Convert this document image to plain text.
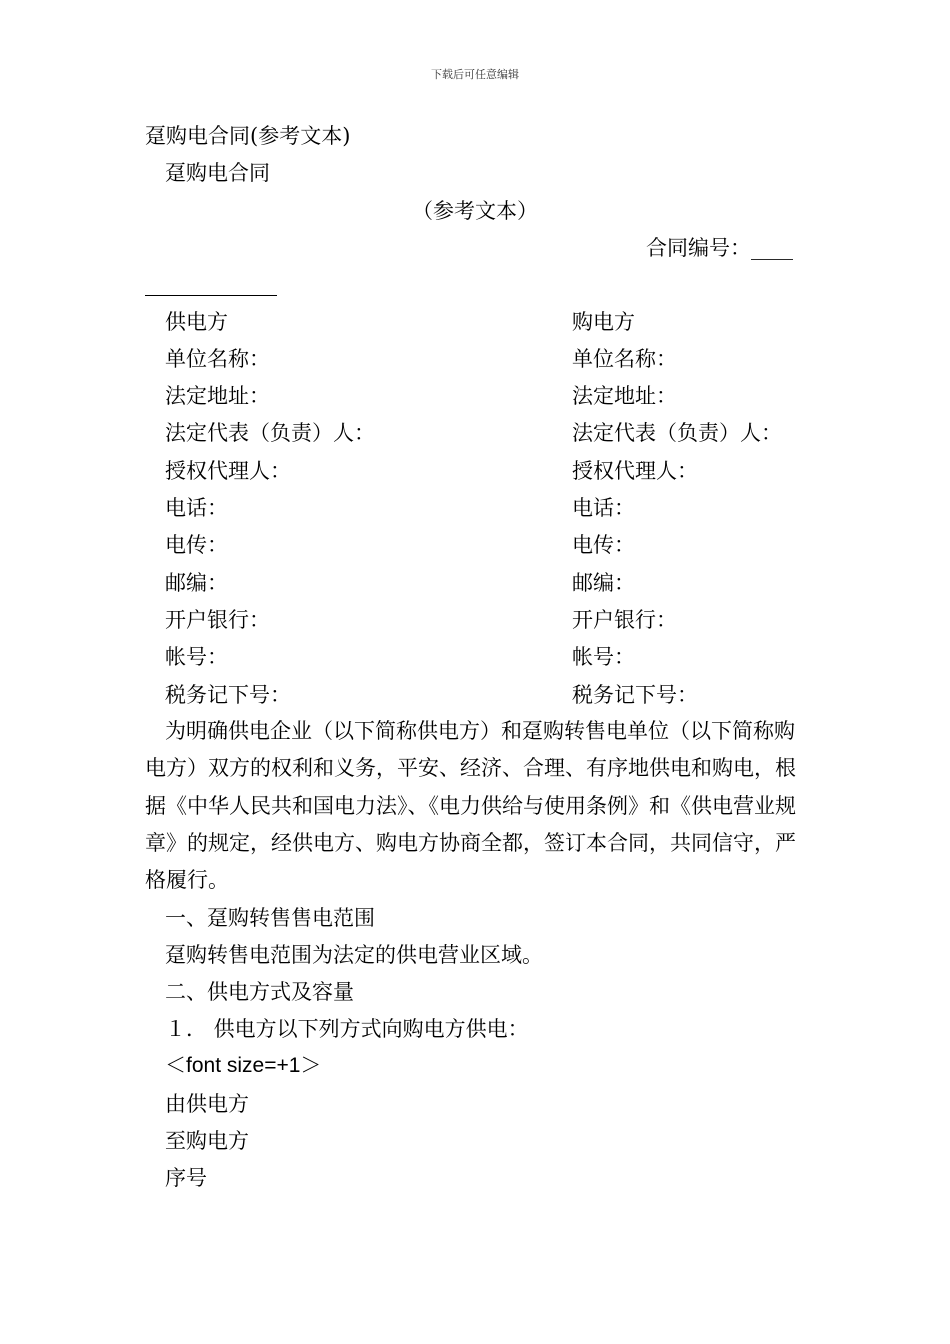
下载后可任意编辑
趸购电合同(参考文本)
趸购电合同
（参考文本）
合同编号：____
供电方
单位名称：
法定地址：
法定代表（负责）人：
授权代理人：
电话：
电传：
邮编：
开户银行：
帐号：
税务记下号：
购电方
单位名称：
法定地址：
法定代表（负责）人：
授权代理人：
电话：
电传：
邮编：
开户银行：
帐号：
税务记下号：
为明确供电企业（以下简称供电方）和趸购转售电单位（以下简称购电方）双方的权利和义务，平安、经济、合理、有序地供电和购电，根据《中华人民共和国电力法》、《电力供给与使用条例》和《供电营业规章》的规定，经供电方、购电方协商全都，签订本合同，共同信守，严格履行。
一、趸购转售售电范围
趸购转售电范围为法定的供电营业区域。
二、供电方式及容量
１． 供电方以下列方式向购电方供电：
＜font size=+1＞
由供电方
至购电方
序号
